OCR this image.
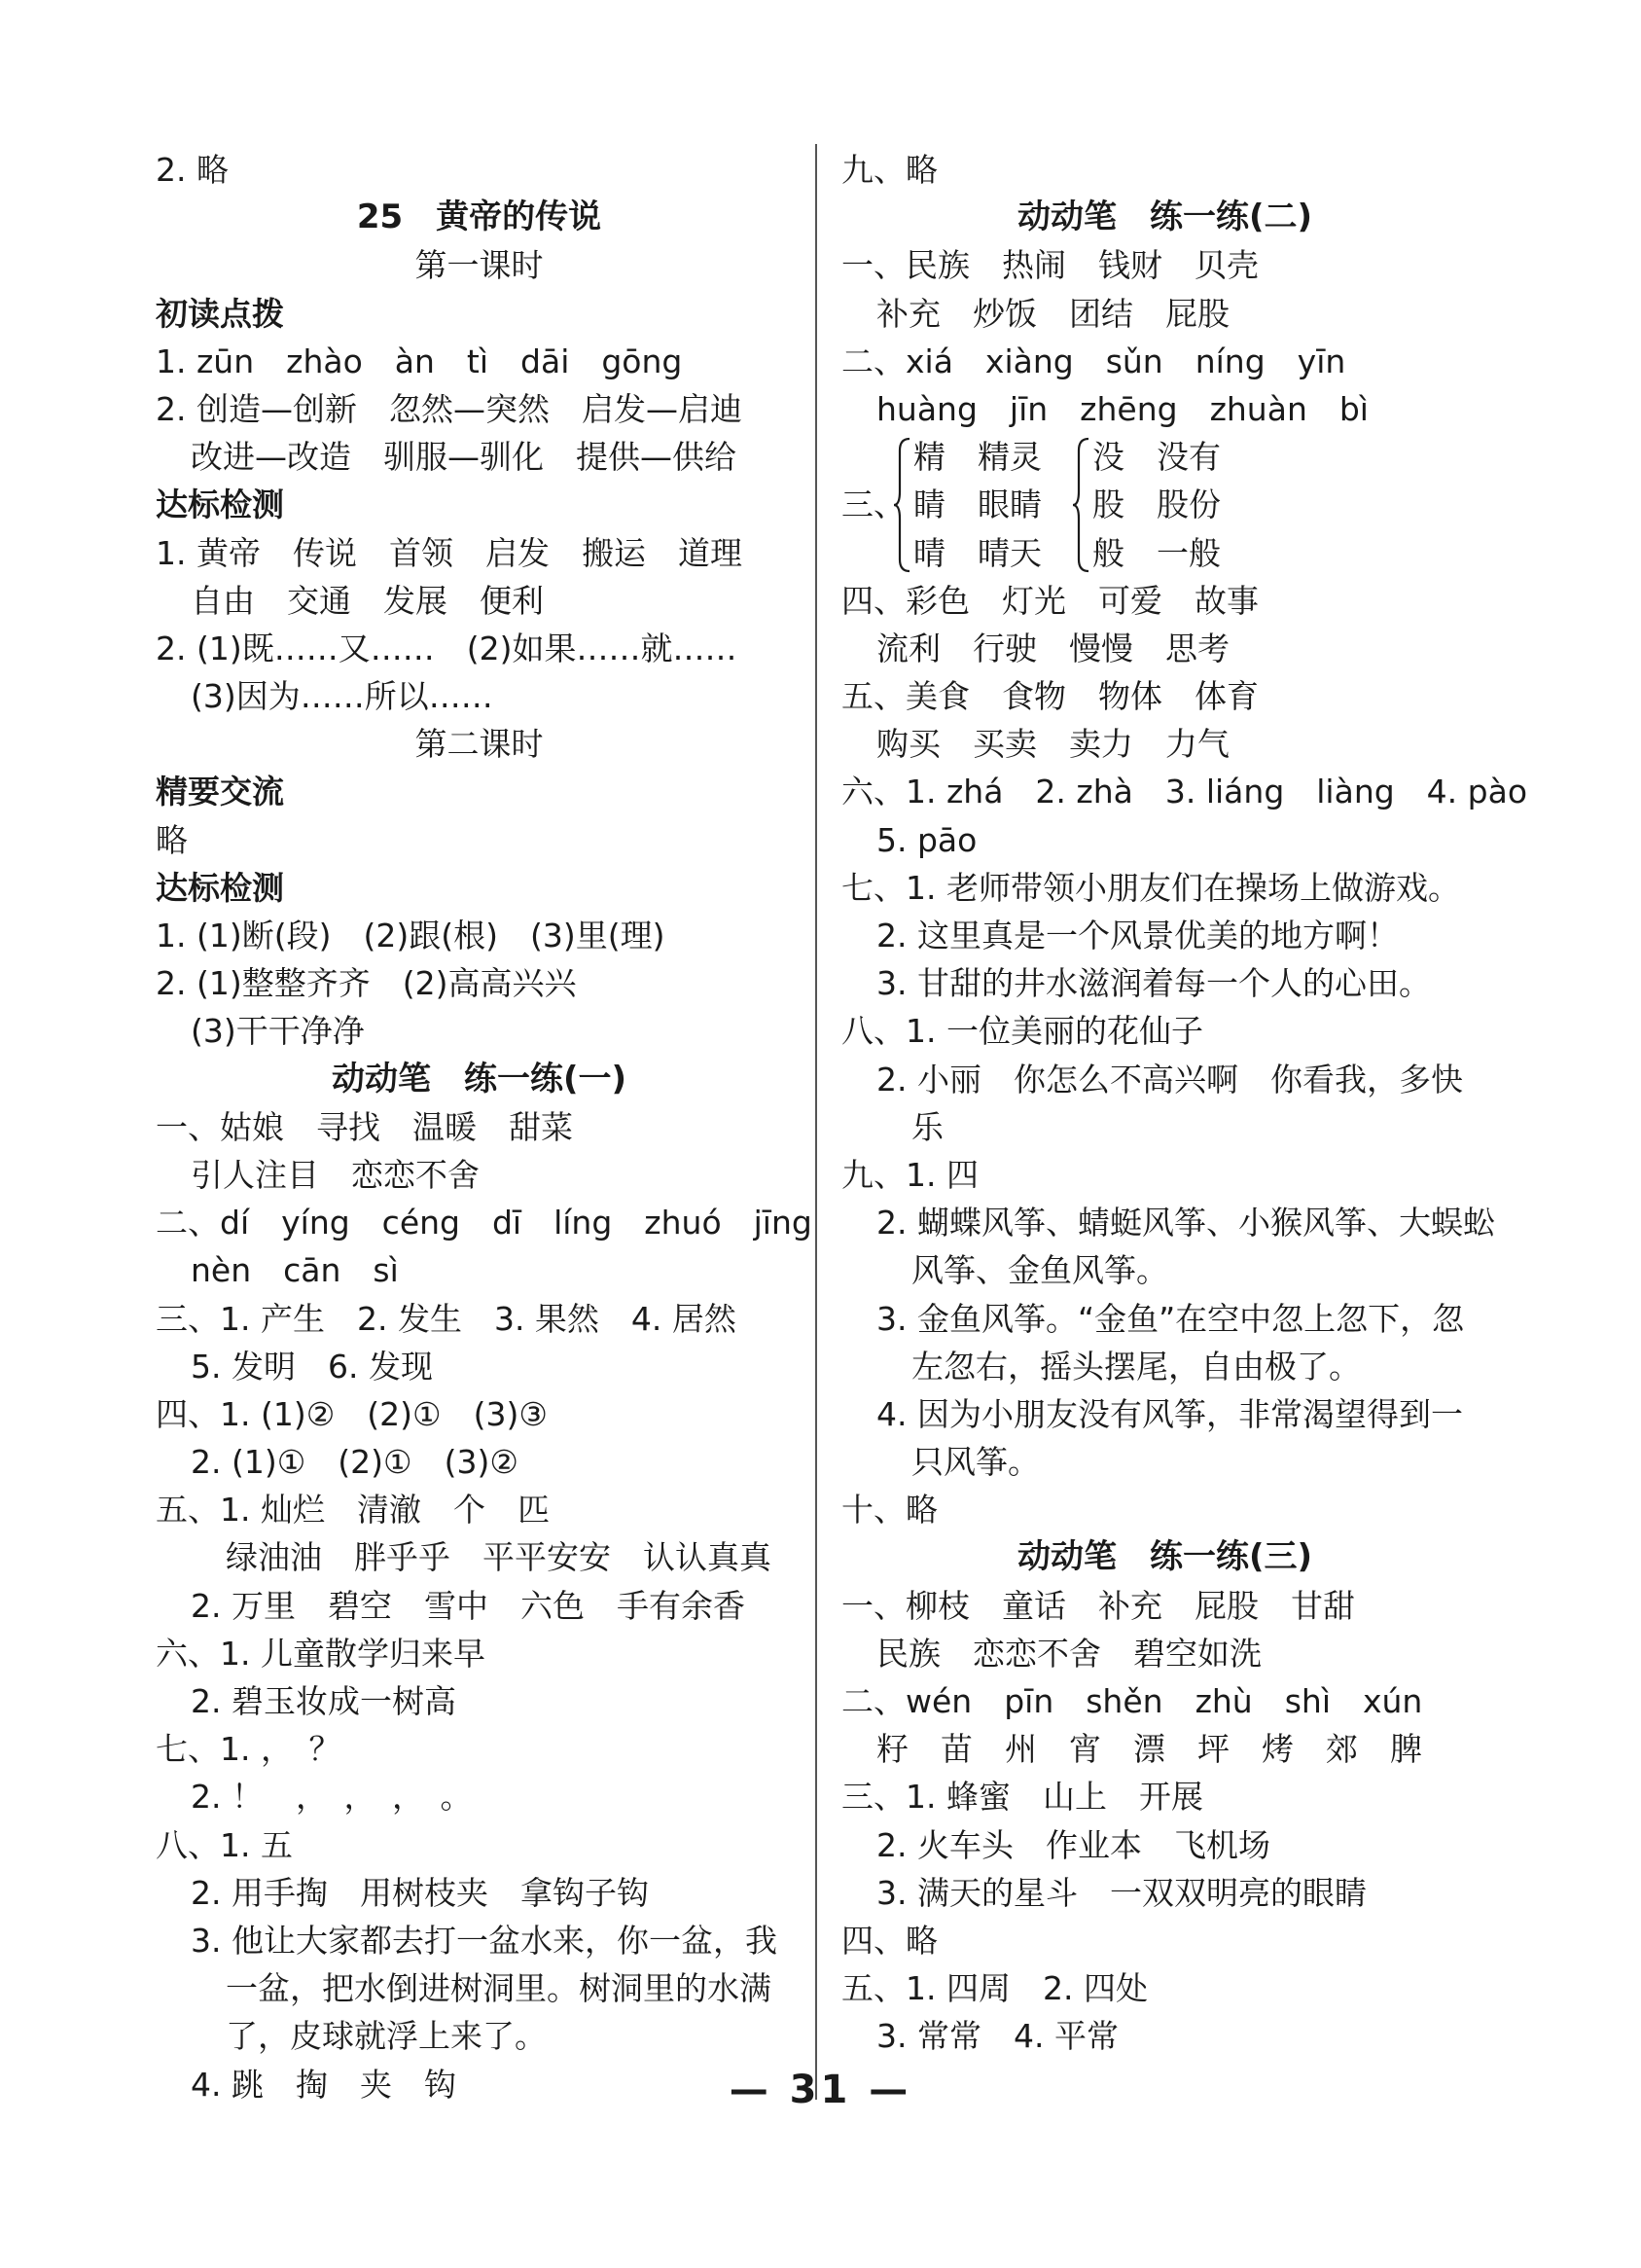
2. 略
25　黄帝的传说
第一课时
初读点拨
1. zūn　zhào　àn　tì　dāi　gōng
2. 创造—创新　忽然—突然　启发—启迪
改进—改造　驯服—驯化　提供—供给
达标检测
1. 黄帝　传说　首领　启发　搬运　道理
自由　交通　发展　便利
2. (1)既……又……　(2)如果……就……
(3)因为……所以……
第二课时
精要交流
略
达标检测
1. (1)断(段)　(2)跟(根)　(3)里(理)
2. (1)整整齐齐　(2)高高兴兴
(3)干干净净
动动笔　练一练(一)
一、姑娘　寻找　温暖　甜菜
引人注目　恋恋不舍
二、dí　yíng　céng　dī　líng　zhuó　jīng
nèn　cān　sì
三、1. 产生　2. 发生　3. 果然　4. 居然
5. 发明　6. 发现
四、1. (1)②　(2)①　(3)③
2. (1)①　(2)①　(3)②
五、1. 灿烂　清澈　个　匹
绿油油　胖乎乎　平平安安　认认真真
2. 万里　碧空　雪中　六色　手有余香
六、1. 儿童散学归来早
2. 碧玉妆成一树高
七、1. ，　？
2. ！　，　，　，　。
八、1. 五
2. 用手掏　用树枝夹　拿钩子钩
3. 他让大家都去打一盆水来，你一盆，我
一盆，把水倒进树洞里。树洞里的水满
了，皮球就浮上来了。
4. 跳　掏　夹　钩
九、略
动动笔　练一练(二)
一、民族　热闹　钱财　贝壳
补充　炒饭　团结　屁股
二、xiá　xiàng　sǔn　níng　yīn
huàng　jīn　zhēng　zhuàn　bì
三、
精　精灵
睛　眼睛
晴　晴天
没　没有
股　股份
般　一般
四、彩色　灯光　可爱　故事
流利　行驶　慢慢　思考
五、美食　食物　物体　体育
购买　买卖　卖力　力气
六、1. zhá　2. zhà　3. liáng　liàng　4. pào
5. pāo
七、1. 老师带领小朋友们在操场上做游戏。
2. 这里真是一个风景优美的地方啊！
3. 甘甜的井水滋润着每一个人的心田。
八、1. 一位美丽的花仙子
2. 小丽　你怎么不高兴啊　你看我，多快
乐
九、1. 四
2. 蝴蝶风筝、蜻蜓风筝、小猴风筝、大蜈蚣
风筝、金鱼风筝。
3. 金鱼风筝。“金鱼”在空中忽上忽下，忽
左忽右，摇头摆尾，自由极了。
4. 因为小朋友没有风筝，非常渴望得到一
只风筝。
十、略
动动笔　练一练(三)
一、柳枝　童话　补充　屁股　甘甜
民族　恋恋不舍　碧空如洗
二、wén　pīn　shěn　zhù　shì　xún
籽　苗　州　宵　漂　坪　烤　郊　脾
三、1. 蜂蜜　山上　开展
2. 火车头　作业本　飞机场
3. 满天的星斗　一双双明亮的眼睛
四、略
五、1. 四周　2. 四处
3. 常常　4. 平常
— 31 —
